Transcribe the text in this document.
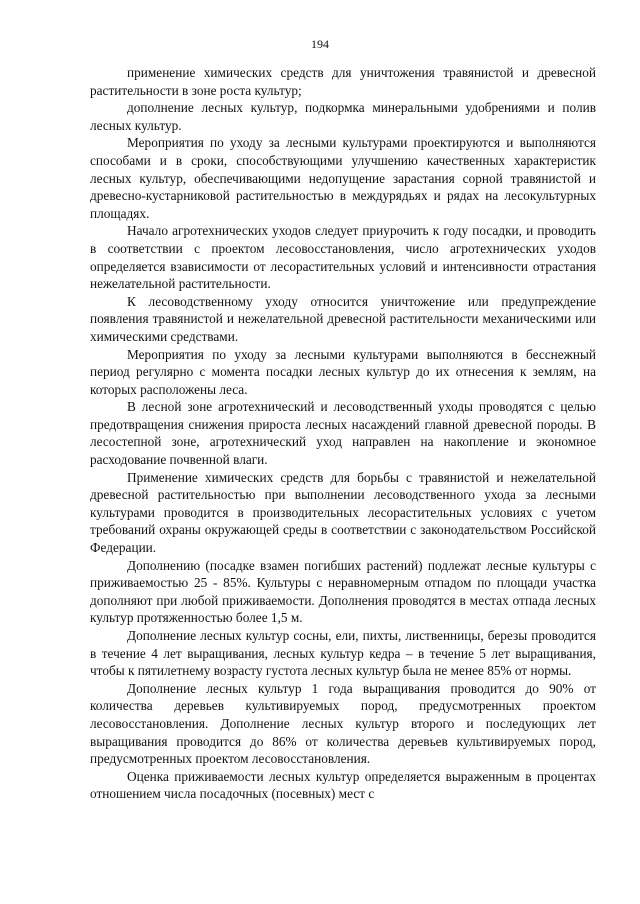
194

применение химических средств для уничтожения травянистой и древесной растительности в зоне роста культур;

дополнение лесных культур, подкормка минеральными удобрениями и полив лесных культур.

Мероприятия по уходу за лесными культурами проектируются и выполняются способами и в сроки, способствующими улучшению качественных характеристик лесных культур, обеспечивающими недопущение зарастания сорной травянистой и древесно-кустарниковой растительностью в междурядьях и рядах на лесокультурных площадях.

Начало агротехнических уходов следует приурочить к году посадки, и проводить в соответствии с проектом лесовосстановления, число агротехнических уходов определяется взависимости от лесорастительных условий и интенсивности отрастания нежелательной растительности.

К лесоводственному уходу относится уничтожение или предупреждение появления травянистой и нежелательной древесной растительности механическими или химическими средствами.

Мероприятия по уходу за лесными культурами выполняются в бесснежный период регулярно с момента посадки лесных культур до их отнесения к землям, на которых расположены леса.

В лесной зоне агротехнический и лесоводственный уходы проводятся с целью предотвращения снижения прироста лесных насаждений главной древесной породы. В лесостепной зоне, агротехнический уход направлен на накопление и экономное расходование почвенной влаги.

Применение химических средств для борьбы с травянистой и нежелательной древесной растительностью при выполнении лесоводственного ухода за лесными культурами проводится в производительных лесорастительных условиях с учетом требований охраны окружающей среды в соответствии с законодательством Российской Федерации.

Дополнению (посадке взамен погибших растений) подлежат лесные культуры с приживаемостью 25 - 85%. Культуры с неравномерным отпадом по площади участка дополняют при любой приживаемости. Дополнения проводятся в местах отпада лесных культур протяженностью более 1,5 м.

Дополнение лесных культур сосны, ели, пихты, лиственницы, березы проводится в течение 4 лет выращивания, лесных культур кедра – в течение 5 лет выращивания, чтобы к пятилетнему возрасту густота лесных культур была не менее 85% от нормы.

Дополнение лесных культур 1 года выращивания проводится до 90% от количества деревьев культивируемых пород, предусмотренных проектом лесовосстановления. Дополнение лесных культур второго и последующих лет выращивания проводится до 86% от количества деревьев культивируемых пород, предусмотренных проектом лесовосстановления.

Оценка приживаемости лесных культур определяется выраженным в процентах отношением числа посадочных (посевных) мест с
